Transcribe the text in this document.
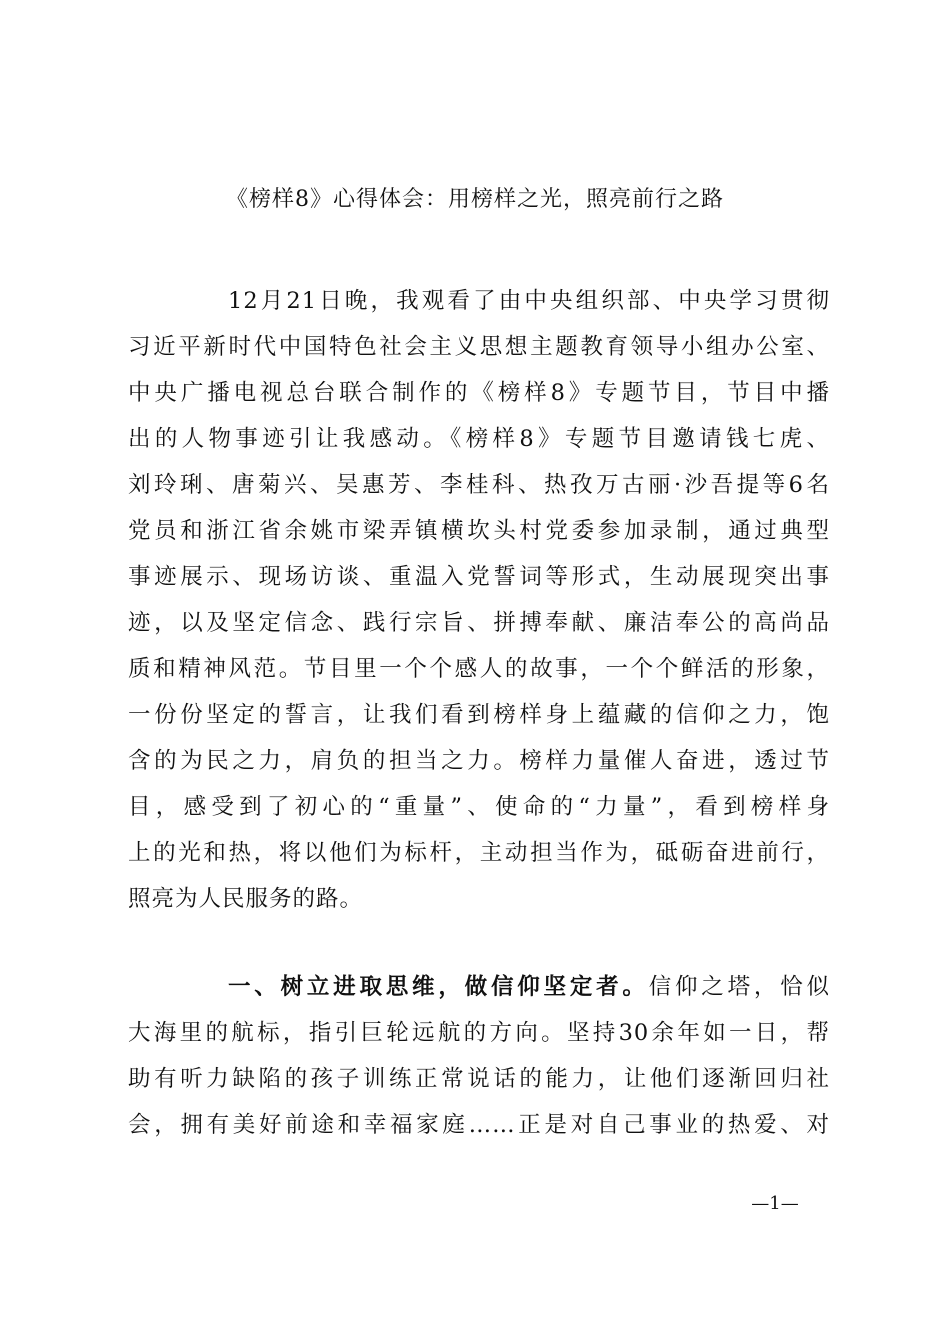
《榜样8》心得体会：用榜样之光，照亮前行之路
12月21日晚，我观看了由中央组织部、中央学习贯彻
习近平新时代中国特色社会主义思想主题教育领导小组办公室、
中央广播电视总台联合制作的《榜样8》专题节目，节目中播
出的人物事迹引让我感动。《榜样8》专题节目邀请钱七虎、
刘玲琍、唐菊兴、吴惠芳、李桂科、热孜万古丽·沙吾提等6名
党员和浙江省余姚市梁弄镇横坎头村党委参加录制，通过典型
事迹展示、现场访谈、重温入党誓词等形式，生动展现突出事
迹，以及坚定信念、践行宗旨、拼搏奉献、廉洁奉公的高尚品
质和精神风范。节目里一个个感人的故事，一个个鲜活的形象，
一份份坚定的誓言，让我们看到榜样身上蕴藏的信仰之力，饱
含的为民之力，肩负的担当之力。榜样力量催人奋进，透过节
目，感受到了初心的“重量”、使命的“力量”，看到榜样身
上的光和热，将以他们为标杆，主动担当作为，砥砺奋进前行，
照亮为人民服务的路。
一、树立进取思维，做信仰坚定者。信仰之塔，恰似
大海里的航标，指引巨轮远航的方向。坚持30余年如一日，帮
助有听力缺陷的孩子训练正常说话的能力，让他们逐渐回归社
会，拥有美好前途和幸福家庭……正是对自己事业的热爱、对
—1—
